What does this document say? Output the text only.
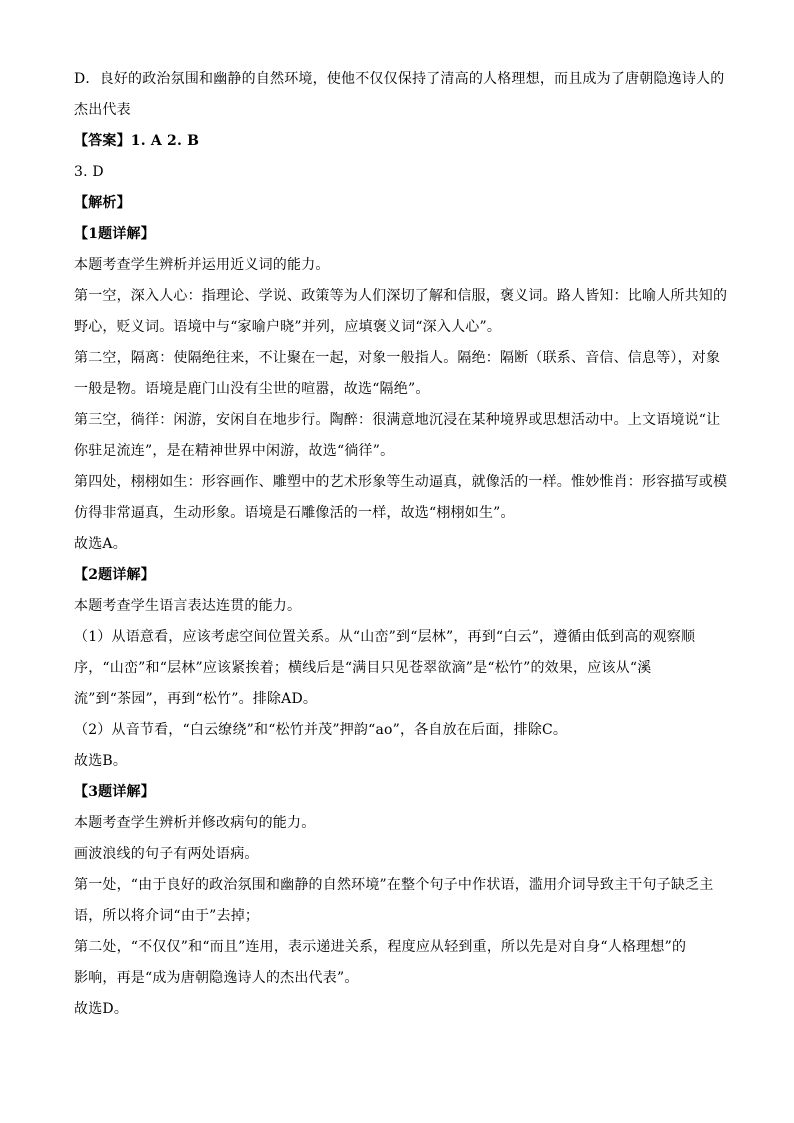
D．良好的政治氛围和幽静的自然环境，使他不仅仅保持了清高的人格理想，而且成为了唐朝隐逸诗人的
杰出代表
【答案】1. A 2. B
3. D
【解析】
【1题详解】
本题考查学生辨析并运用近义词的能力。
第一空，深入人心：指理论、学说、政策等为人们深切了解和信服，褒义词。路人皆知：比喻人所共知的
野心，贬义词。语境中与“家喻户晓”并列，应填褒义词“深入人心”。
第二空，隔离：使隔绝往来，不让聚在一起，对象一般指人。隔绝：隔断（联系、音信、信息等），对象
一般是物。语境是鹿门山没有尘世的喧嚣，故选“隔绝”。
第三空，徜徉：闲游，安闲自在地步行。陶醉：很满意地沉浸在某种境界或思想活动中。上文语境说“让
你驻足流连”，是在精神世界中闲游，故选“徜徉”。
第四处，栩栩如生：形容画作、雕塑中的艺术形象等生动逼真，就像活的一样。惟妙惟肖：形容描写或模
仿得非常逼真，生动形象。语境是石雕像活的一样，故选“栩栩如生”。
故选A。
【2题详解】
本题考查学生语言表达连贯的能力。
（1）从语意看，应该考虑空间位置关系。从“山峦”到“层林”，再到“白云”，遵循由低到高的观察顺
序，“山峦”和“层林”应该紧挨着；横线后是“满目只见苍翠欲滴”是“松竹”的效果，应该从“溪
流”到“茶园”，再到“松竹”。排除AD。
（2）从音节看，“白云缭绕”和“松竹并茂”押韵“ao”，各自放在后面，排除C。
故选B。
【3题详解】
本题考查学生辨析并修改病句的能力。
画波浪线的句子有两处语病。
第一处，“由于良好的政治氛围和幽静的自然环境”在整个句子中作状语，滥用介词导致主干句子缺乏主
语，所以将介词“由于”去掉；
第二处，“不仅仅”和“而且”连用，表示递进关系，程度应从轻到重，所以先是对自身“人格理想”的
影响，再是“成为唐朝隐逸诗人的杰出代表”。
故选D。
